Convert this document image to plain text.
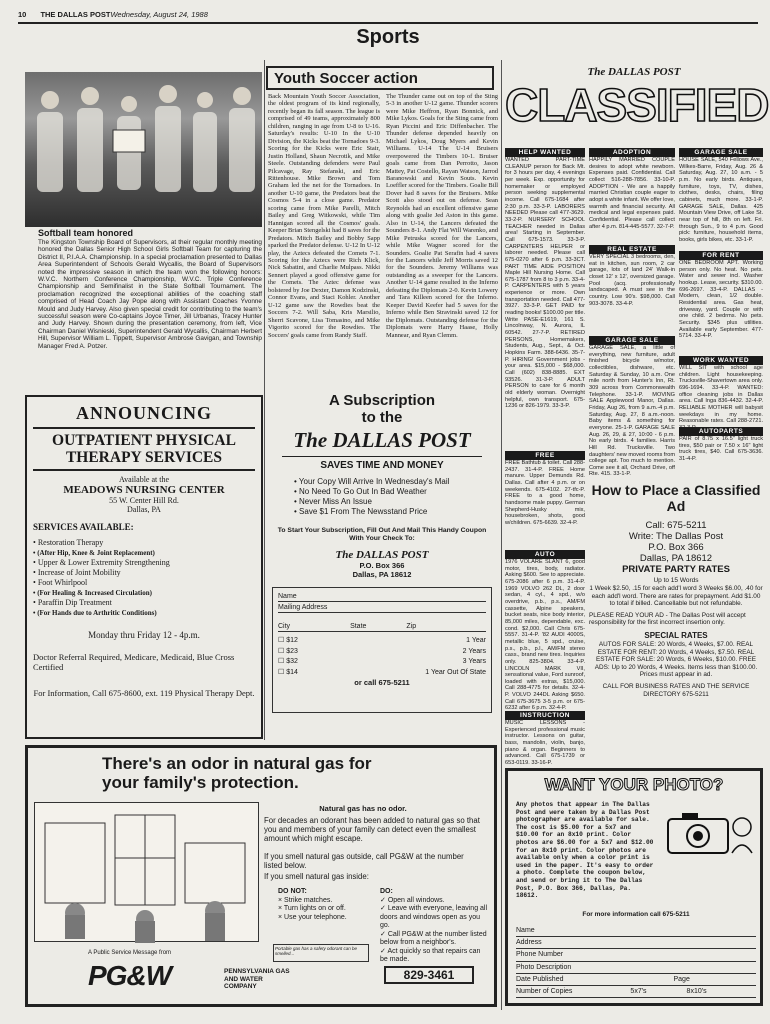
10 THE DALLAS POSTWednesday, August 24, 1988
Sports
Softball team honored
The Kingston Township Board of Supervisors, at their regular monthly meeting honored the Dallas Senior High School Girls Softball Team for capturing the District II, P.I.A.A. Championship. In a special proclamation presented to Dallas Area Superintendent of Schools Gerald Wycallis, the Board of Supervisors noted the impressive season in which the team won the following honors: W.V.C. Northern Conference Championship, W.V.C. Triple Conference Championship and Semifinalist in the State Softball Tournament. The proclamation recognized the exceptional abilities of the coaching staff comprised of Head Coach Jay Pope along with Assistant Coaches Yvonne Mould and Judy Harvey. Also given special credit for contributing to the team's successful season were Co-captains Joyce Timer, Jill Urbanas, Tracey Hunter and Judy Harvey. Shown during the presentation ceremony, from left, Vice Chairman Daniel Wisnieski, Superintendent Gerald Wycallis, Chairman Herbert Hill, Supervisor William L. Tippett, Supervisor Ambrose Gavigan, and Township Manager Fred A. Potzer.
Youth Soccer action
Back Mountain Youth Soccer Association, the oldest program of its kind regionally, recently began its fall season. The league is comprised of 49 teams, approximately 800 children, ranging in age from U-8 to U-16. Saturday's results: U-10 In the U-10 Division, the Kicks beat the Tornadoes 9-3. Scoring for the Kicks were Eric Stair, Justin Holland, Shaun Necrotik, and Mike Steele. Outstanding defenders were Paul Pilcavage, Ray Stefanski, and Eric Rittenhouse. Mike Brown and Tom Graham led the net for the Tornadoes. In another U-10 game, the Predators beat the Cosmos 5-4 in a close game. Predator scoring came from Mike Parelli, Mitch Bailey and Greg Witkowski, while Tim Hannigan scored all the Cosmos' goals. Keeper Brian Stengelski had 8 saves for the Predators. Mitch Bailey and Bobby Sapp sparked the Predator defense. U-12 In U-12 play, the Aztecs defeated the Comets 7-1. Scoring for the Aztecs were Rich Klick, Nick Sabatini, and Charlie Mulpass. Nikki Sennert played a good offensive game for the Comets. The Aztec defense was bolstered by Joe Dexter, Damon Kodzinski, Connor Evans, and Staci Kohler. Another U-12 game saw the Rowdies beat the Soccers 7-2. Will Saba, Kris Marsilio, Sherri Scavone, Lisa Tomasino, and Mike Vigorito scored for the Rowdies. The Soccers' goals came from Randy Staff.
The Thunder came out on top of the Sting 5-3 in another U-12 game. Thunder scorers were Mike Heffron, Ryan Bonnick, and Mike Lykos. Goals for the Sting came from Ryan Piccini and Eric Diffenbacher. The Thunder defense depended heavily on Michael Lykos, Doug Myers and Kevin Williams. U-14 The U-14 Bruisers overpowered the Timbers 10-1. Bruiser goals came from Dan Perrotto, Jason Mattey, Pat Costello, Rayan Watson, Jarrod Baranowski and Kevin Souts. Kevin Loeffler scored for the Timbers. Goalie Bill Dover had 8 saves for the Bruisers. Mike Scott also stood out on defense. Sean Reynolds had an excellent offensive game along with goalie Jed Aston in this game. Also in U-14, the Lancers defeated the Sounders 8-1. Andy Flat Will Warenko, and Mike Petruska scored for the Lancers, while Mike Wagner scored for the Sounders. Goalie Pat Serafin had 4 saves for the Lancers while Jeff Morris saved 12 for the Sounders. Jeremy Williams was outstanding as a sweeper for the Lancers. Another U-14 game resulted in the Inferno defeating the Diplomats 2-0. Kevin Lowery and Tara Killeen scored for the Inferno. Keeper David Keefer had 5 saves for the Inferno while Ben Stravinski saved 12 for the Diplomats. Outstanding defense for the Diplomats were Harry Haase, Holly Mannear, and Ryan Clemm.
ANNOUNCING
OUTPATIENT PHYSICAL THERAPY SERVICES
Available at the
MEADOWS NURSING CENTER
55 W. Center Hill Rd.
Dallas, PA
SERVICES AVAILABLE:
• Restoration Therapy
• (After Hip, Knee & Joint Replacement)
• Upper & Lower Extremity Strengthening
• Increase of Joint Mobility
• Foot Whirlpool
• (For Healing & Increased Circulation)
• Paraffin Dip Treatment
• (For Hands due to Arthritic Conditions)
Monday thru Friday 12 - 4p.m.
Doctor Referral Required, Medicare, Medicaid, Blue Cross Certified
For Information, Call 675-8600, ext. 119 Physical Therapy Dept.
A Subscription
to the
The DALLAS POST
SAVES TIME AND MONEY
• Your Copy Will Arrive In Wednesday's Mail
• No Need To Go Out In Bad Weather
• Never Miss An Issue
• Save $1 From The Newsstand Price
To Start Your Subscription, Fill Out And Mail This Handy Coupon With Your Check To:
The DALLAS POST
P.O. Box 366
Dallas, PA 18612
Name
Mailing Address
City	State	Zip
☐ $12	1 Year
☐ $23	2 Years
☐ $32	3 Years
☐ $14	1 Year Out Of State
or call 675-5211
There's an odor in natural gas for your family's protection.
Natural gas has no odor.
For decades an odorant has been added to natural gas so that you and members of your family can detect even the smallest amount which might escape.
If you smell natural gas outside, call PG&W at the number listed below.
If you smell natural gas inside:
DO NOT:
× Strike matches.
× Turn lights on or off.
× Use your telephone.
DO:
✓ Open all windows.
✓ Leave with everyone, leaving all doors and windows open as you go.
✓ Call PG&W at the number listed below from a neighbor's.
✓ Act quickly so that repairs can be made.
Portable gas has a safety odorant can be smelled...
A Public Service Message from
PG&W	PENNSYLVANIA GAS AND WATER COMPANY
829-3461
The DALLAS POST
CLASSIFIED
HELP WANTED
WANTED PART-TIME CLEANUP person for Back Mt. for 3 hours per day, 4 evenings per week. Exp. opportunity for homemaker or employed person seeking supplemental income. Call 675-1684 after 2:30 p.m. 33-3-P. LABORERS NEEDED Please call 477-3629. 33-2-P. NURSERY SCHOOL TEACHER needed in Dallas area! Starting in September. Call 675-1573. 33-3-P. CARPENTERS HELPER or laborer needed. Please call 675-0270 after 6 p.m. 33-3CT. PART TIME AIDE POSITION Maple Hill Nursing Home. Call 675-1787 from 8 to 3 p.m. 33-4-P. CARPENTERS with 5 years experience or more. Own transportation needed. Call 477-3927. 33-3-P. GET PAID for reading books! $100.00 per title. Write PASE-E1619, 161 S. Lincolnway, N. Aurora, IL 60542. 27-7-P. RETIRED PERSONS, Homemakers, Students, Aug., Sept., & Oct. Hopkins Farm. 388-6436. 35-7-P. HIRING! Government jobs - your area. $15,000 - $68,000. Call (602) 838-8885. EXT 93526. 31-3-P. ADULT PERSON to care for 6 month old elderly woman. Overnight helpful, own transport. 675-1236 or 826-1979. 33-3-P.
FREE
FREE Bathtub & toilet. Call 288-2437. 31-4-P. FREE Home manure. Upper Demunds Rd. Dallas. Call after 4 p.m. or on weekends. 675-4102. 27-tfc-P. FREE to a good home, handsome male puppy. German Shepherd-Husky mix, housebroken, shots, good w/children. 675-6639. 32-4-P.
AUTO
1976 VOLARE SLANT 6, good motor, tires, body, radiator. Asking $600. See to appreciate. 675-2086 after 6 p.m. 31-4-P. 1969 VOLVO 262 DL, 2 door sedan, 4 cyl., 4 spd., w/o overdrive, p.b., p.s., AM/FM cassette, Alpine speakers, bucket seats, nice body interior, 85,000 miles, dependable, exc. cond. $2,000. Call Chris 675-5557. 31-4-P. '82 AUDI 4000S, metallic blue, 5 spd., cruise, p.s., p.b., p.l., AM/FM stereo cass., brand new tires. Inquiries only. 825-3804. 33-4-P. LINCOLN MARK VII, sensational value, Ford sunroof, loaded with extras, $15,000. Call 288-4775 for details. 32-4-P. VOLVO 244DL Asking $650. Call 675-3675 3-5 p.m. or 675-6232 after 6 p.m. 32-4-P.
INSTRUCTION
MUSIC LESSONS - Experienced professional music instructor. Lessons on guitar, bass, mandolin, violin, banjo, piano & organ. Beginners to advanced. Call 675-1739 or 653-0119. 33-16-P.
ADOPTION
HAPPILY MARRIED COUPLE desires to adopt white newborn. Expenses paid. Confidential. Call collect 516-288-7856. 33-10-P. ADOPTION - We are a happily married Christian couple eager to adopt a white infant. We offer love, warmth and financial security. All medical and legal expenses paid. Confidential. Please call collect after 4 p.m. 814-445-5577. 32-7-P.
REAL ESTATE
VERY SPECIAL 3 bedrooms, den, eat in kitchen, sun room, 2 car garage, lots of land 24' Walk-in closet 12' x 12', oversized garage. Pool (acq. professionally landscaped. A must see in the country. Low 90's. $98,000. Call 903-3078. 33-4-P.
GARAGE SALE
GARAGE SALE, a little of everything, new furniture, adult finished bicycle w/motor, collectibles, dishware, etc. Saturday & Sunday, 10 a.m. One mile north from Hunter's Inn, Rt. 309 across from Commonwealth Telephone. 33-1-P. MOVING SALE Applewood Manor, Dallas. Friday, Aug 26, from 9 a.m.-4 p.m. Saturday, Aug. 27, 8 a.m.-noon. Baby items & something for everyone. 25-1-P. GARAGE SALE Aug. 26, 29, & 27, 10:00 - 6 p.m. No early birds. 4 families. Harris Hill Rd. Trucksville. Two daughters' new moved rooms from college apt. Too much to mention. Come see it all, Orchard Drive, off Rte. 415. 33-1-P.
GARAGE SALE
HOUSE SALE, 540 Fellows Ave., Wilkes-Barre, Friday, Aug. 26 & Saturday, Aug. 27, 10 a.m. - 5 p.m. No early birds. Antiques, furniture, toys, TV, dishes, clothes, desks, chairs, filing cabinets, much more. 33-1-P. GARAGE SALE, Dallas. 425 Mountain View Drive, off Lake St. near top of hill, 8th on left. Fri. through Sun., 9 to 4 p.m. Good pick: furniture, household items, books, girls bikes, etc. 33-1-P.
FOR RENT
ONE BEDROOM APT. Working person only. No heat. No pets. Water and sewer incl. Washer hookup. Lease, security. $310.00. 696-2697. 33-4-P. DALLAS - Modern, clean, 1/2 double. Residential area. Gas heat, driveway, yard. Couple or with one child. 2 bedrms. No pets. Security. $345 plus utilities. Available early September. 477-5714. 33-4-P.
WORK WANTED
WILL SIT with school age children. Light housekeeping. Trucksville-Shavertown area only. 696-1694. 33-4-P. WANTED: office cleaning jobs in Dallas area. Call Inga 836-4432. 32-4-P. RELIABLE MOTHER will babysit weekdays in my home. Reasonable rates. Call 288-2721. 32-3-P.
AUTOPARTS
PAIR of 8.75 x 16.5" light truck tires, $50 pair or 7.50 x 16" light truck tires, $40. Call 675-3636. 31-4-P.
How to Place a Classified Ad
Call: 675-5211
Write: The Dallas Post
P.O. Box 366
Dallas, PA 18612
PRIVATE PARTY RATES
Up to 15 Words
1 Week $2.50, .15 for each add'l word 3 Weeks $6.00, .40 for each add'l word. There are rates for prepayment. Add $1.00 to total if billed. Cancellable but not refundable.
PLEASE READ YOUR AD - The Dallas Post will accept responsibility for the first incorrect insertion only.
SPECIAL RATES
AUTOS FOR SALE: 20 Words, 4 Weeks, $7.00. REAL ESTATE FOR RENT: 20 Words, 4 Weeks, $7.50. REAL ESTATE FOR SALE: 20 Words, 6 Weeks, $10.00. FREE ADS: Up to 20 Words, 4 Weeks. Items less than $100.00. Prices must appear in ad.
CALL FOR BUSINESS RATES AND THE SERVICE DIRECTORY 675-5211
WANT YOUR PHOTO?
Any photos that appear in The Dallas Post and were taken by a Dallas Post photographer are available for sale. The cost is $5.00 for a 5x7 and $10.00 for an 8x10 print. Color photos are $6.00 for a 5x7 and $12.00 for an 8x10 print. Color photos are available only when a color print is used in the paper. It's easy to order a photo. Complete the coupon below, and send or bring it to The Dallas Post, P.O. Box 366, Dallas, Pa. 18612.
For more information call 675-5211
Name
Address
Phone Number
Photo Description
Date Published	Page
Number of Copies	5x7's	8x10's
